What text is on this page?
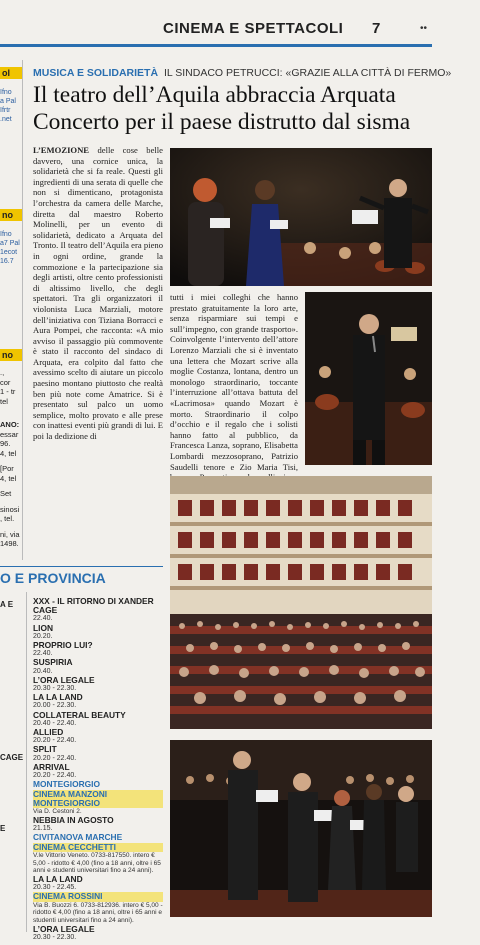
CINEMA E SPETTACOLI 7	••
ol
Ifno
a Pal
Ifrtr
.net
no
Ifno
a7 Pal
1ecot
16.7
no
.,
cor
1 - tr
tel
ANO:
essar
96.
4, tel
[Por
4, tel
Set
sinosi
, tel.
ni, via
1498.
MUSICA E SOLIDARIETÀ IL SINDACO PETRUCCI: «GRAZIE ALLA CITTÀ DI FERMO»
Il teatro dell’Aquila abbraccia Arquata
Concerto per il paese distrutto dal sisma
L’EMOZIONE delle cose belle davvero, una cornice unica, la solidarietà che si fa reale. Questi gli ingredienti di una serata di quelle che non si dimenticano, protagonista l’orchestra da camera delle Marche, diretta dal maestro Roberto Molinelli, per un evento di solidarietà, dedicato a Arquata del Tronto. Il teatro dell’Aquila era pieno in ogni ordine, grande la commozione e la partecipazione sia degli artisti, oltre cento professionisti di altissimo livello, che degli spettatori. Tra gli organizzatori il violonista Luca Marziali, motore dell’iniziativa con Tiziana Borracci e Aura Pompei, che racconta: «A mio avviso il passaggio più commovente è stato il racconto del sindaco di Arquata, era colpito dal fatto che avessimo scelto di aiutare un piccolo paesino montano piuttosto che realtà ben più note come Amatrice. Si è presentato sul palco un uomo semplice, molto provato e alle prese con inattesi eventi più grandi di lui. E poi la dedizione di
tutti i miei colleghi che hanno prestato gratuitamente la loro arte, senza risparmiare sui tempi e sull’impegno, con grande trasporto». Coinvolgente l’intervento dell’attore Lorenzo Marziali che si è inventato una lettera che Mozart scrive alla moglie Costanza, lontana, dentro un monologo straordinario, toccante l’interruzione all’ottava battuta del «Lacrimosa» quando Mozart è morto. Straordinario il colpo d’occhio e il regalo che i solisti hanno fatto al pubblico, da Francesca Lanza, soprano, Elisabetta Lombardi mezzosoprano, Patrizio Saudelli tenore e Zio Maria Tisi,
O E PROVINCIA
A E
CAGE
E
XXX - IL RITORNO DI XANDER CAGE
22.40.
LION
20.20.
PROPRIO LUI?
22.40.
SUSPIRIA
20.40.
L’ORA LEGALE
20.30 - 22.30.
LA LA LAND
20.00 - 22.30.
COLLATERAL BEAUTY
20.40 - 22.40.
ALLIED
20.20 - 22.40.
SPLIT
20.20 - 22.40.
ARRIVAL
20.20 - 22.40.
MONTEGIORGIO
CINEMA MANZONI MONTEGIORGIO
Via D. Cestoni 2.
NEBBIA IN AGOSTO
21.15.
CIVITANOVA MARCHE
CINEMA CECCHETTI
V.le Vittorio Veneto. 0733-817550. intero € 5,00 - ridotto € 4,00 (fino a 18 anni, oltre i 65 anni e studenti universitari fino a 24 anni).
LA LA LAND
20.30 - 22.45.
CINEMA ROSSINI
Via B. Buozzi 6. 0733-812936. intero € 5,00 - ridotto € 4,00 (fino a 18 anni, oltre i 65 anni e studenti universitari fino a 24 anni).
L’ORA LEGALE
20.30 - 22.30.
